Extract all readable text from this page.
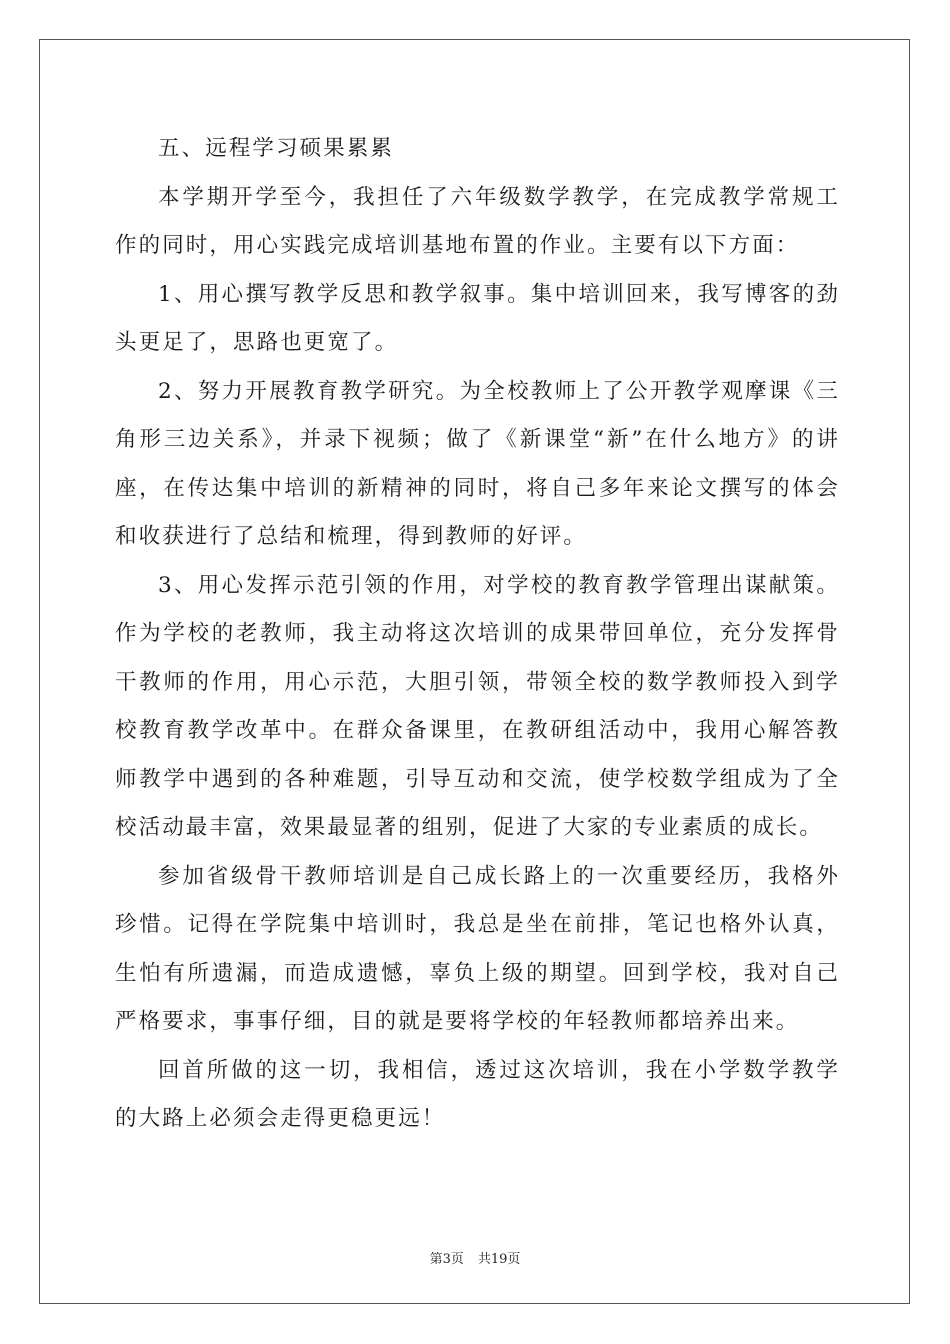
五、远程学习硕果累累

本学期开学至今，我担任了六年级数学教学，在完成教学常规工作的同时，用心实践完成培训基地布置的作业。主要有以下方面：

1、用心撰写教学反思和教学叙事。集中培训回来，我写博客的劲头更足了，思路也更宽了。

2、努力开展教育教学研究。为全校教师上了公开教学观摩课《三角形三边关系》，并录下视频；做了《新课堂“新”在什么地方》的讲座，在传达集中培训的新精神的同时，将自己多年来论文撰写的体会和收获进行了总结和梳理，得到教师的好评。

3、用心发挥示范引领的作用，对学校的教育教学管理出谋献策。作为学校的老教师，我主动将这次培训的成果带回单位，充分发挥骨干教师的作用，用心示范，大胆引领，带领全校的数学教师投入到学校教育教学改革中。在群众备课里，在教研组活动中，我用心解答教师教学中遇到的各种难题，引导互动和交流，使学校数学组成为了全校活动最丰富，效果最显著的组别，促进了大家的专业素质的成长。

参加省级骨干教师培训是自己成长路上的一次重要经历，我格外珍惜。记得在学院集中培训时，我总是坐在前排，笔记也格外认真，生怕有所遗漏，而造成遗憾，辜负上级的期望。回到学校，我对自己严格要求，事事仔细，目的就是要将学校的年轻教师都培养出来。

回首所做的这一切，我相信，透过这次培训，我在小学数学教学的大路上必须会走得更稳更远！

第3页 共19页
